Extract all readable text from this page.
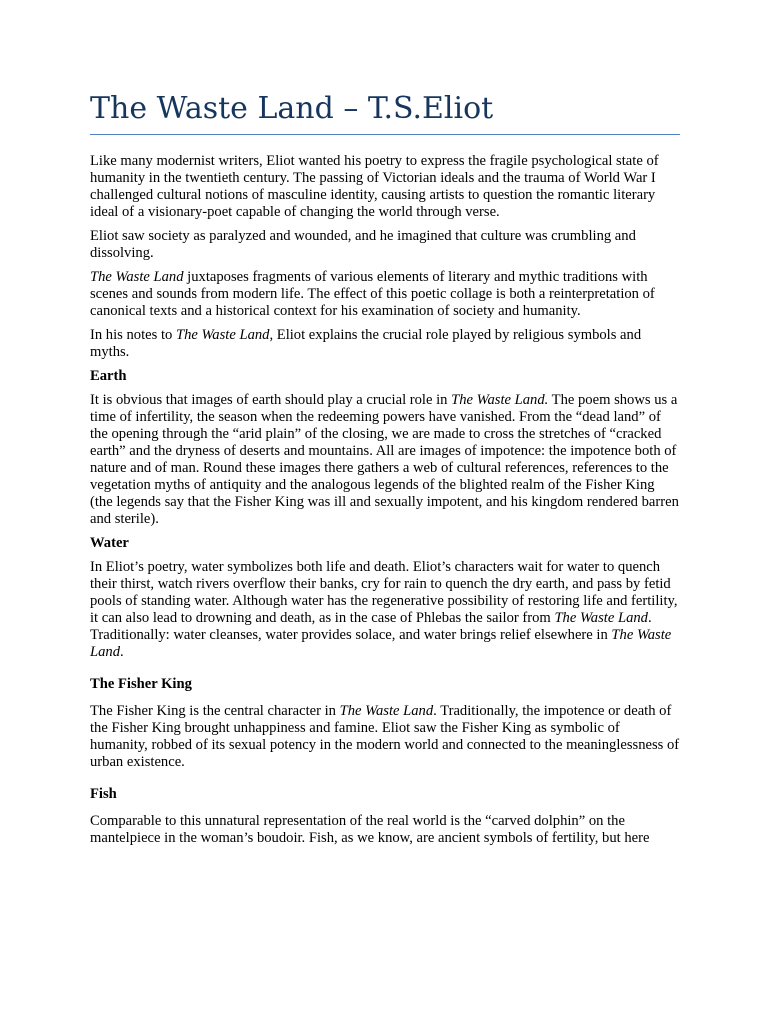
The Waste Land – T.S.Eliot

Like many modernist writers, Eliot wanted his poetry to express the fragile psychological state of humanity in the twentieth century. The passing of Victorian ideals and the trauma of World War I challenged cultural notions of masculine identity, causing artists to question the romantic literary ideal of a visionary-poet capable of changing the world through verse.

Eliot saw society as paralyzed and wounded, and he imagined that culture was crumbling and dissolving.

The Waste Land juxtaposes fragments of various elements of literary and mythic traditions with scenes and sounds from modern life. The effect of this poetic collage is both a reinterpretation of canonical texts and a historical context for his examination of society and humanity.

In his notes to The Waste Land, Eliot explains the crucial role played by religious symbols and myths.

Earth

It is obvious that images of earth should play a crucial role in The Waste Land. The poem shows us a time of infertility, the season when the redeeming powers have vanished. From the “dead land” of the opening through the “arid plain” of the closing, we are made to cross the stretches of “cracked earth” and the dryness of deserts and mountains. All are images of impotence: the impotence both of nature and of man. Round these images there gathers a web of cultural references, references to the vegetation myths of antiquity and the analogous legends of the blighted realm of the Fisher King (the legends say that the Fisher King was ill and sexually impotent, and his kingdom rendered barren and sterile).

Water

In Eliot’s poetry, water symbolizes both life and death. Eliot’s characters wait for water to quench their thirst, watch rivers overflow their banks, cry for rain to quench the dry earth, and pass by fetid pools of standing water. Although water has the regenerative possibility of restoring life and fertility, it can also lead to drowning and death, as in the case of Phlebas the sailor from The Waste Land. Traditionally: water cleanses, water provides solace, and water brings relief elsewhere in The Waste Land.

The Fisher King

The Fisher King is the central character in The Waste Land. Traditionally, the impotence or death of the Fisher King brought unhappiness and famine. Eliot saw the Fisher King as symbolic of humanity, robbed of its sexual potency in the modern world and connected to the meaninglessness of urban existence.

Fish

Comparable to this unnatural representation of the real world is the “carved dolphin” on the mantelpiece in the woman’s boudoir. Fish, as we know, are ancient symbols of fertility, but here
